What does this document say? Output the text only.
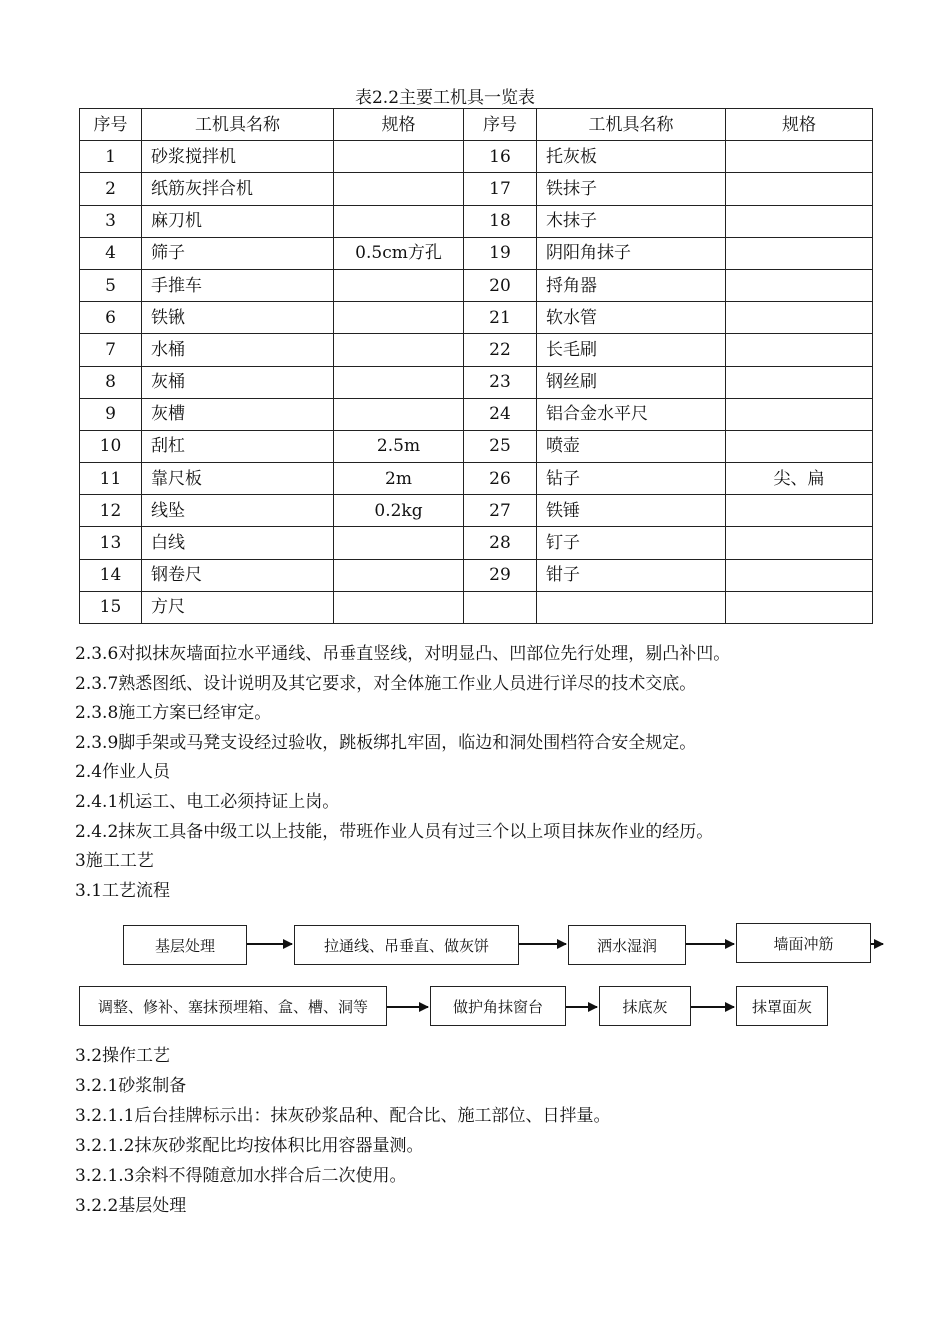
表2.2主要工机具一览表
序号	工机具名称	规格	序号	工机具名称	规格
1	砂浆搅拌机		16	托灰板	
2	纸筋灰拌合机		17	铁抹子	
3	麻刀机		18	木抹子	
4	筛子	0.5cm方孔	19	阴阳角抹子	
5	手推车		20	捋角器	
6	铁锹		21	软水管	
7	水桶		22	长毛刷	
8	灰桶		23	钢丝刷	
9	灰槽		24	铝合金水平尺	
10	刮杠	2.5m	25	喷壶	
11	靠尺板	2m	26	钻子	尖、扁
12	线坠	0.2kg	27	铁锤	
13	白线		28	钉子	
14	钢卷尺		29	钳子	
15	方尺				
2.3.6对拟抹灰墙面拉水平通线、吊垂直竖线，对明显凸、凹部位先行处理，剔凸补凹。
2.3.7熟悉图纸、设计说明及其它要求，对全体施工作业人员进行详尽的技术交底。
2.3.8施工方案已经审定。
2.3.9脚手架或马凳支设经过验收，跳板绑扎牢固，临边和洞处围档符合安全规定。
2.4作业人员
2.4.1机运工、电工必须持证上岗。
2.4.2抹灰工具备中级工以上技能，带班作业人员有过三个以上项目抹灰作业的经历。
3施工工艺
3.1工艺流程
基层处理	拉通线、吊垂直、做灰饼	洒水湿润	墙面冲筋
调整、修补、塞抹预埋箱、盒、槽、洞等	做护角抹窗台	抹底灰	抹罩面灰
3.2操作工艺
3.2.1砂浆制备
3.2.1.1后台挂牌标示出：抹灰砂浆品种、配合比、施工部位、日拌量。
3.2.1.2抹灰砂浆配比均按体积比用容器量测。
3.2.1.3余料不得随意加水拌合后二次使用。
3.2.2基层处理
